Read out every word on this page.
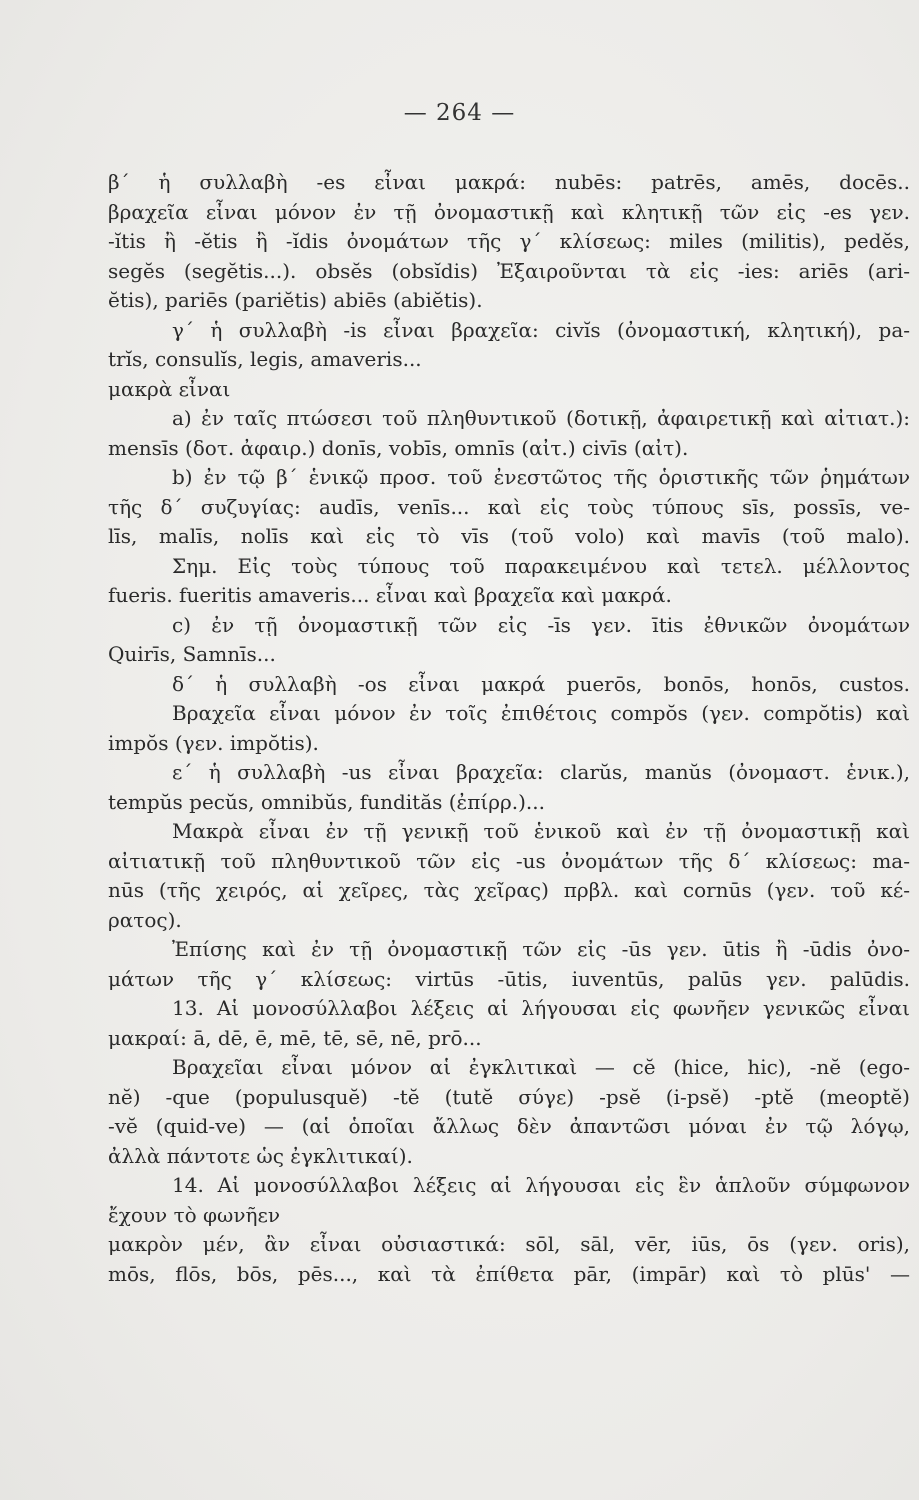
— 264 —
β΄ ἡ συλλαβὴ -es εἶναι μακρά: nubēs: patrēs, amēs, docēs..
βραχεῖα εἶναι μόνον ἐν τῇ ὀνομαστικῇ καὶ κλητικῇ τῶν εἰς -es γεν.
-ĭtis ἢ -ĕtis ἢ -ĭdis ὀνομάτων τῆς γ΄ κλίσεως: miles (militis), pedĕs,
segĕs (segĕtis...). obsĕs (obsĭdis) Ἐξαιροῦνται τὰ εἰς -ies: ariēs (ari-
ĕtis), pariēs (pariĕtis) abiēs (abiĕtis).
γ΄ ἡ συλλαβὴ -is εἶναι βραχεῖα: civĭs (ὀνομαστική, κλητική), pa-
trĭs, consulĭs, legis, amaveris...
μακρὰ εἶναι
a) ἐν ταῖς πτώσεσι τοῦ πληθυντικοῦ (δοτικῇ, ἀφαιρετικῇ καὶ αἰτιατ.):
mensīs (δοτ. ἀφαιρ.) donīs, vobīs, omnīs (αἰτ.) civīs (αἰτ).
b) ἐν τῷ β΄ ἑνικῷ προσ. τοῦ ἐνεστῶτος τῆς ὁριστικῆς τῶν ῥημάτων
τῆς δ΄ συζυγίας: audīs, venīs... καὶ εἰς τοὺς τύπους sīs, possīs, ve-
līs, malīs, nolīs καὶ εἰς τὸ vīs (τοῦ volo) καὶ mavīs (τοῦ malo).
Σημ. Εἰς τοὺς τύπους τοῦ παρακειμένου καὶ τετελ. μέλλοντος
fueris. fueritis amaveris... εἶναι καὶ βραχεῖα καὶ μακρά.
c) ἐν τῇ ὀνομαστικῇ τῶν εἰς -īs γεν. ītis ἐθνικῶν ὀνομάτων
Quirīs, Samnīs...
δ΄ ἡ συλλαβὴ -os εἶναι μακρά puerōs, bonōs, honōs, custos.
Βραχεῖα εἶναι μόνον ἐν τοῖς ἐπιθέτοις compŏs (γεν. compŏtis) καὶ
impŏs (γεν. impŏtis).
ε΄ ἡ συλλαβὴ -us εἶναι βραχεῖα: clarŭs, manŭs (ὀνομαστ. ἑνικ.),
tempŭs pecŭs, omnibŭs, fundităs (ἐπίρρ.)...
Μακρὰ εἶναι ἐν τῇ γενικῇ τοῦ ἑνικοῦ καὶ ἐν τῇ ὀνομαστικῇ καὶ
αἰτιατικῇ τοῦ πληθυντικοῦ τῶν εἰς -us ὀνομάτων τῆς δ΄ κλίσεως: ma-
nūs (τῆς χειρός, αἱ χεῖρες, τὰς χεῖρας) πρβλ. καὶ cornūs (γεν. τοῦ κέ-
ρατος).
Ἐπίσης καὶ ἐν τῇ ὀνομαστικῇ τῶν εἰς -ūs γεν. ūtis ἢ -ūdis ὀνο-
μάτων τῆς γ΄ κλίσεως: virtūs -ūtis, iuventūs, palūs γεν. palūdis.
13. Αἱ μονοσύλλαβοι λέξεις αἱ λήγουσαι εἰς φωνῆεν γενικῶς εἶναι
μακραί: ā, dē, ē, mē, tē, sē, nē, prō...
Βραχεῖαι εἶναι μόνον αἱ ἐγκλιτικαὶ — cĕ (hice, hic), -nĕ (ego-
nĕ) -que (populusquĕ) -tĕ (tutĕ σύγε) -psĕ (i-psĕ) -ptĕ (meoptĕ)
-vĕ (quid-ve) — (αἱ ὁποῖαι ἄλλως δὲν ἀπαντῶσι μόναι ἐν τῷ λόγῳ,
ἀλλὰ πάντοτε ὡς ἐγκλιτικαί).
14. Αἱ μονοσύλλαβοι λέξεις αἱ λήγουσαι εἰς ἓν ἁπλοῦν σύμφωνον
ἔχουν τὸ φωνῆεν
μακρὸν μέν, ἂν εἶναι οὐσιαστικά: sōl, sāl, vēr, iūs, ōs (γεν. oris),
mōs, flōs, bōs, pēs..., καὶ τὰ ἐπίθετα pār, (impār) καὶ τὸ plūs' —
